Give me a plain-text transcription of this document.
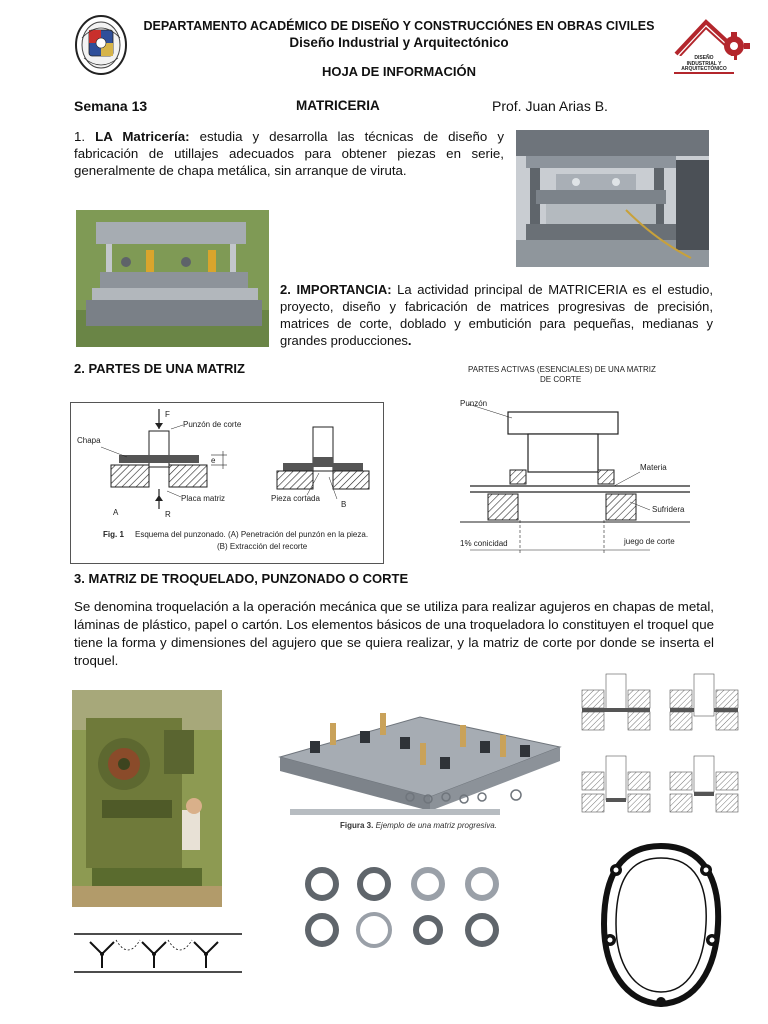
DEPARTAMENTO ACADÉMICO DE DISEÑO Y CONSTRUCCIÓNES EN OBRAS CIVILES
Diseño Industrial y Arquitectónico
HOJA DE INFORMACIÓN
DISEÑO
INDUSTRIAL Y
ARQUITECTÓNICO
Semana 13	MATRICERIA	Prof. Juan Arias B.
1. LA Matricería: estudia y desarrolla las técnicas de diseño y fabricación de utillajes adecuados para obtener piezas en serie, generalmente de chapa metálica, sin arranque de viruta.
2. IMPORTANCIA: La actividad principal de MATRICERIA es el estudio, proyecto, diseño y fabricación de matrices progresivas de precisión, matrices de corte, doblado y embutición para pequeñas, medianas y grandes producciones.
2. PARTES DE UNA MATRIZ
F
Punzón de corte
Chapa
e
Placa matriz
A	R
Pieza cortada
B
Fig. 1 Esquema del punzonado. (A) Penetración del punzón en la pieza.
(B) Extracción del recorte
PARTES ACTIVAS (ESENCIALES) DE UNA MATRIZ
DE CORTE
Punzón
Materia
Sufridera
1% conicidad	juego de corte
3. MATRIZ DE TROQUELADO, PUNZONADO O CORTE
Se denomina troquelación a la operación mecánica que se utiliza para realizar agujeros en chapas de metal, láminas de plástico, papel o cartón. Los elementos básicos de una troqueladora lo constituyen el troquel que tiene la forma y dimensiones del agujero que se quiera realizar, y la matriz de corte por donde se inserta el troquel.
Figura 3. Ejemplo de una matriz progresiva.
